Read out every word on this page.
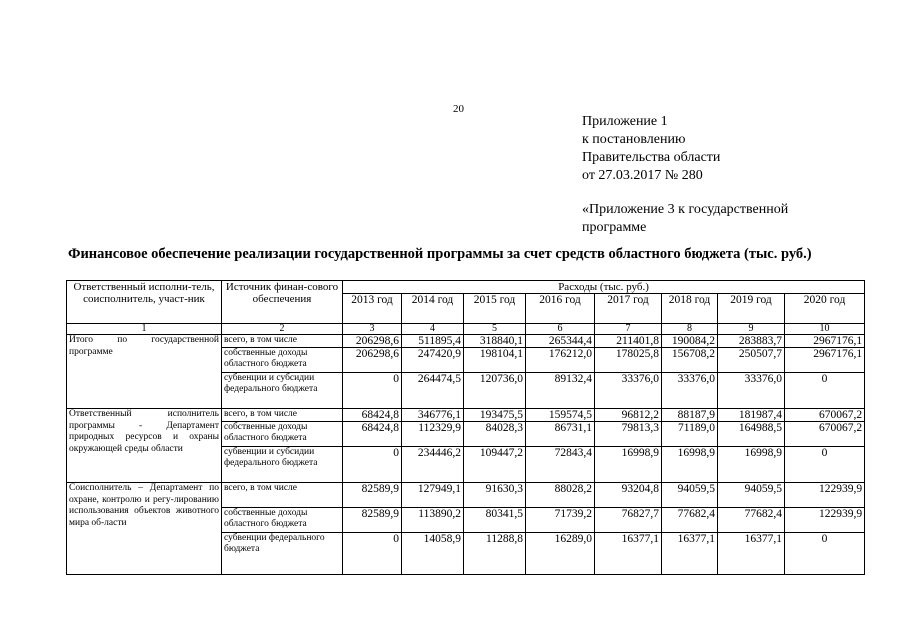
20
Приложение 1
к постановлению
Правительства области
от 27.03.2017 № 280
«Приложение 3 к государственной
программе
Финансовое обеспечение реализации государственной программы за счет средств областного бюджета (тыс. руб.)
Ответственный исполни-тель, соисполнитель, участ-ник	Источник финан-сового обеспечения	Расходы (тыс. руб.)							
		2013 год	2014 год	2015 год	2016 год	2017 год	2018 год	2019 год	2020 год
1	2	3	4	5	6	7	8	9	10
Итого по государственной программе	всего, в том числе	206298,6	511895,4	318840,1	265344,4	211401,8	190084,2	283883,7	2967176,1
	собственные доходы областного бюджета	206298,6	247420,9	198104,1	176212,0	178025,8	156708,2	250507,7	2967176,1
	субвенции и субсидии федерального бюджета	0	264474,5	120736,0	89132,4	33376,0	33376,0	33376,0	0
Ответственный исполнитель программы - Департамент природных ресурсов и охраны окружающей среды области	всего, в том числе	68424,8	346776,1	193475,5	159574,5	96812,2	88187,9	181987,4	670067,2
	собственные доходы областного бюджета	68424,8	112329,9	84028,3	86731,1	79813,3	71189,0	164988,5	670067,2
	субвенции и субсидии федерального бюджета	0	234446,2	109447,2	72843,4	16998,9	16998,9	16998,9	0
Соисполнитель – Департамент по охране, контролю и регу-лированию использования объектов животного мира об-ласти	всего, в том числе	82589,9	127949,1	91630,3	88028,2	93204,8	94059,5	94059,5	122939,9
	собственные доходы областного бюджета	82589,9	113890,2	80341,5	71739,2	76827,7	77682,4	77682,4	122939,9
	субвенции федерального бюджета	0	14058,9	11288,8	16289,0	16377,1	16377,1	16377,1	0
